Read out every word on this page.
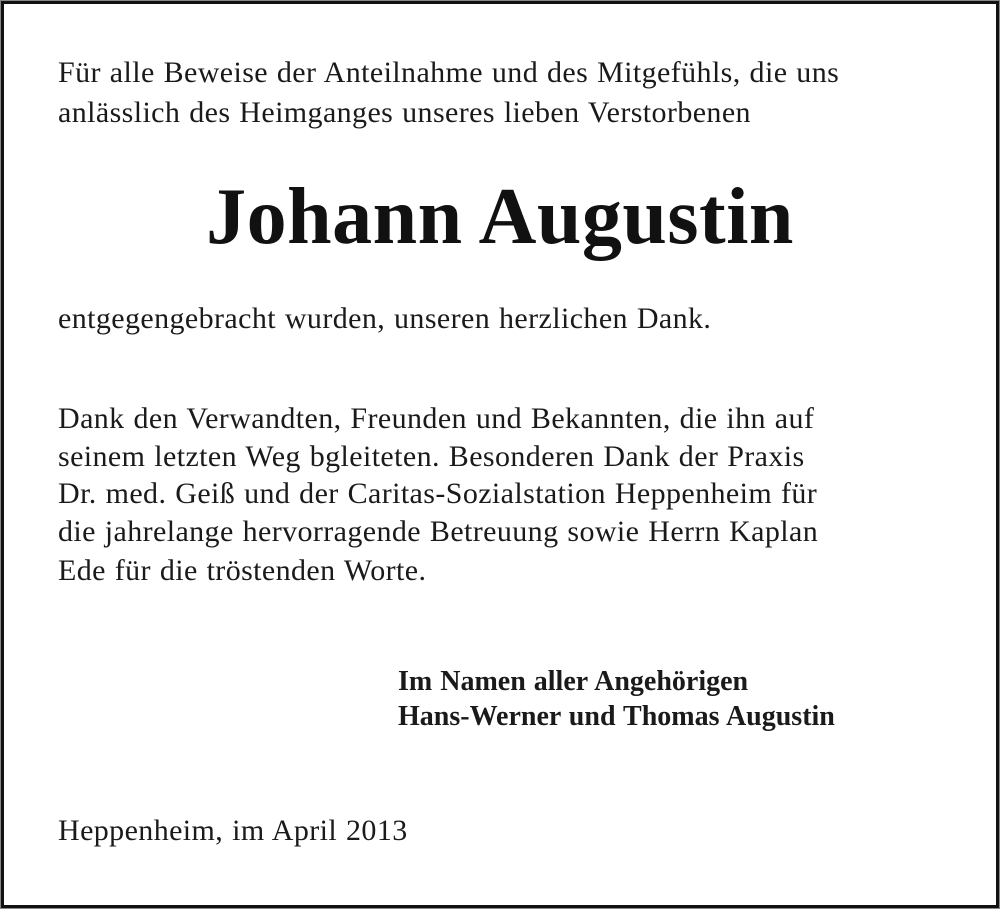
Für alle Beweise der Anteilnahme und des Mitgefühls, die uns
anlässlich des Heimganges unseres lieben Verstorbenen
Johann Augustin
entgegengebracht wurden, unseren herzlichen Dank.
Dank den Verwandten, Freunden und Bekannten, die ihn auf
seinem letzten Weg bgleiteten. Besonderen Dank der Praxis
Dr. med. Geiß und der Caritas-Sozialstation Heppenheim für
die jahrelange hervorragende Betreuung sowie Herrn Kaplan
Ede für die tröstenden Worte.
Im Namen aller Angehörigen
Hans-Werner und Thomas Augustin
Heppenheim, im April 2013
